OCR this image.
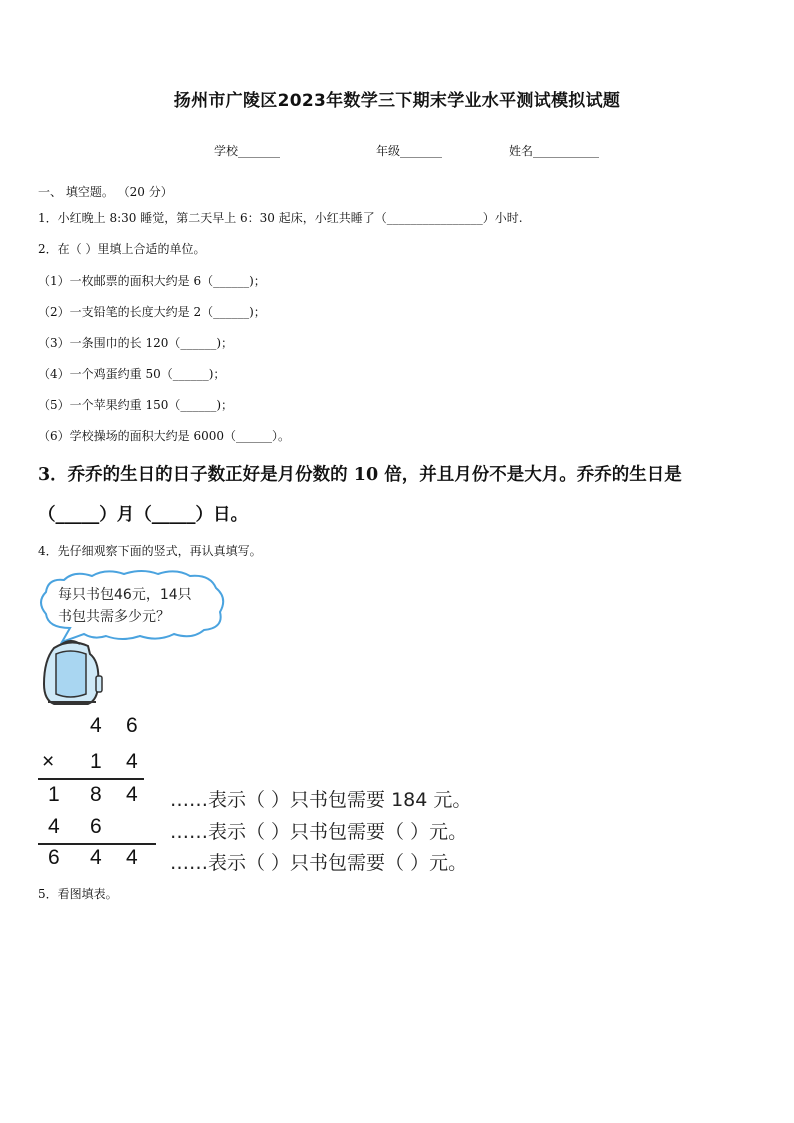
扬州市广陵区2023年数学三下期末学业水平测试模拟试题
学校_______	年级_______	姓名___________
一、 填空题。 （20 分）
1．小红晚上 8:30 睡觉，第二天早上 6：30 起床，小红共睡了（________________）小时.
2．在（ ）里填上合适的单位。
（1）一枚邮票的面积大约是 6（______)；
（2）一支铅笔的长度大约是 2（______)；
（3）一条围巾的长 120（______)；
（4）一个鸡蛋约重 50（______)；
（5）一个苹果约重 150（______)；
（6）学校操场的面积大约是 6000（______）。
3．乔乔的生日的日子数正好是月份数的 10 倍，并且月份不是大月。乔乔的生日是
（_____）月（_____）日。
4．先仔细观察下面的竖式，再认真填写。
每只书包46元，14只
书包共需多少元？
4 6
× 1 4
1 8 4
4 6
6 4 4
……表示（ ）只书包需要 184 元。
……表示（ ）只书包需要（ ）元。
……表示（ ）只书包需要（ ）元。
5．看图填表。
